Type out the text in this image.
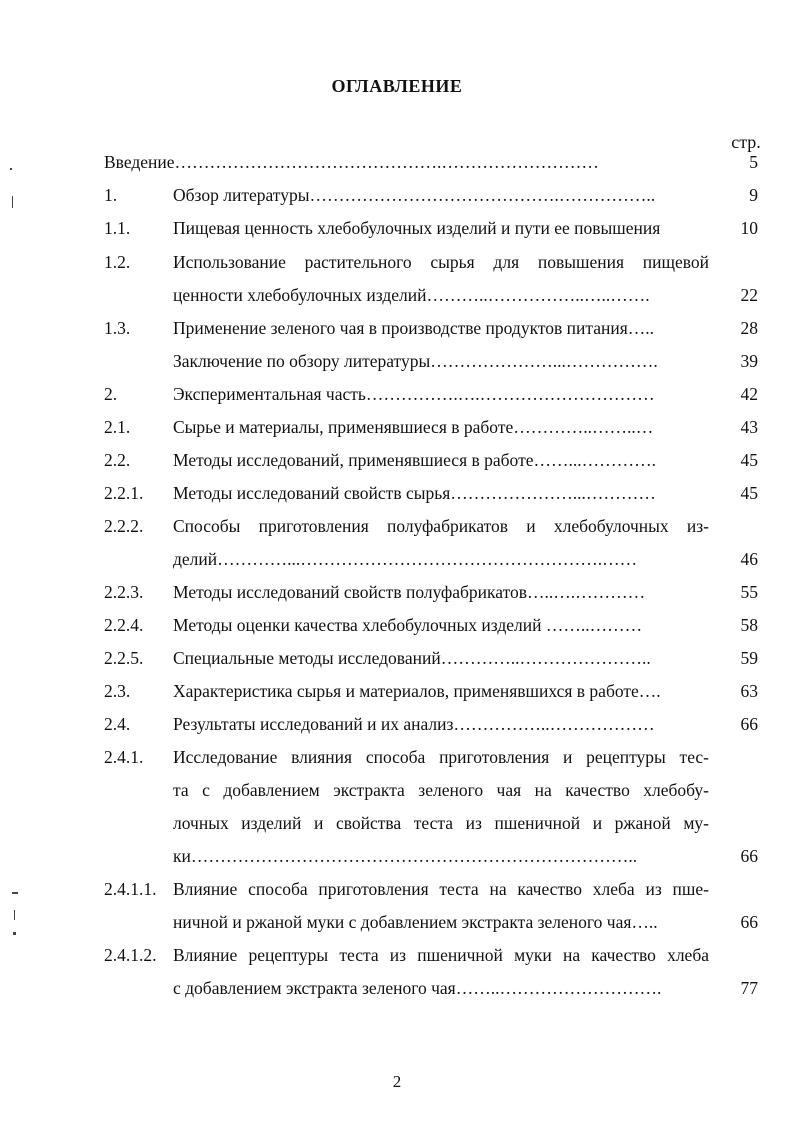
ОГЛАВЛЕНИЕ
стр.
Введение……………………………………….………………………	5
1.	Обзор литературы…………………………………….……………..	9
1.1. Пищевая ценность хлебобулочных изделий и пути ее повышения	10
1.2. Использование растительного сырья для повышения пищевой
ценности хлебобулочных изделий………..……………..…..…….	22
1.3. Применение зеленого чая в производстве продуктов питания…..	28
Заключение по обзору литературы…………………...…………….	39
2.	Экспериментальная часть…………….….…………………………	42
2.1. Сырье и материалы, применявшиеся в работе…………..……..…	43
2.2. Методы исследований, применявшиеся в работе……...………….	45
2.2.1. Методы исследований свойств сырья…………………...…………	45
2.2.2. Способы приготовления полуфабрикатов и хлебобулочных из-
делий…………...…………………………………………….……	46
2.2.3. Методы исследований свойств полуфабрикатов…..….…………	55
2.2.4. Методы оценки качества хлебобулочных изделий ……..………	58
2.2.5. Специальные методы исследований…………..…………………..	59
2.3. Характеристика сырья и материалов, применявшихся в работе….	63
2.4. Результаты исследований и их анализ……………..………………	66
2.4.1. Исследование влияния способа приготовления и рецептуры тес-
та с добавлением экстракта зеленого чая на качество хлебобу-
лочных изделий и свойства теста из пшеничной и ржаной му-
ки…………………………………………………………………..	66
2.4.1.1. Влияние способа приготовления теста на качество хлеба из пше-
ничной и ржаной муки с добавлением экстракта зеленого чая…..	66
2.4.1.2. Влияние рецептуры теста из пшеничной муки на качество хлеба
с добавлением экстракта зеленого чая……..……………………….	77
2
